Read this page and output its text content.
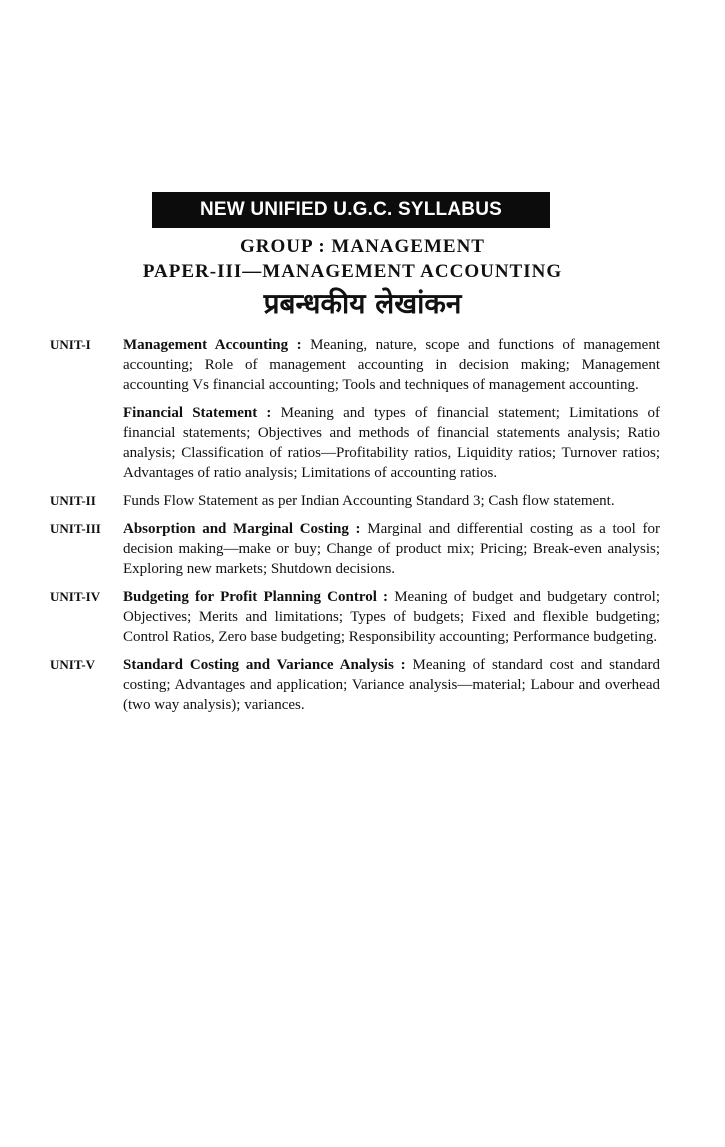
NEW UNIFIED U.G.C. SYLLABUS
GROUP : MANAGEMENT
PAPER-III—MANAGEMENT ACCOUNTING
प्रबन्धकीय लेखांकन
UNIT-I	Management Accounting : Meaning, nature, scope and functions of management accounting; Role of management accounting in decision making; Management accounting Vs financial accounting; Tools and techniques of management accounting.

Financial Statement : Meaning and types of financial statement; Limitations of financial statements; Objectives and methods of financial statements analysis; Ratio analysis; Classification of ratios—Profitability ratios, Liquidity ratios; Turnover ratios; Advantages of ratio analysis; Limitations of accounting ratios.

UNIT-II	Funds Flow Statement as per Indian Accounting Standard 3; Cash flow statement.

UNIT-III	Absorption and Marginal Costing : Marginal and differential costing as a tool for decision making—make or buy; Change of product mix; Pricing; Break-even analysis; Exploring new markets; Shutdown decisions.

UNIT-IV	Budgeting for Profit Planning Control : Meaning of budget and budgetary control; Objectives; Merits and limitations; Types of budgets; Fixed and flexible budgeting; Control Ratios, Zero base budgeting; Responsibility accounting; Performance budgeting.

UNIT-V	Standard Costing and Variance Analysis : Meaning of standard cost and standard costing; Advantages and application; Variance analysis—material; Labour and overhead (two way analysis); variances.
